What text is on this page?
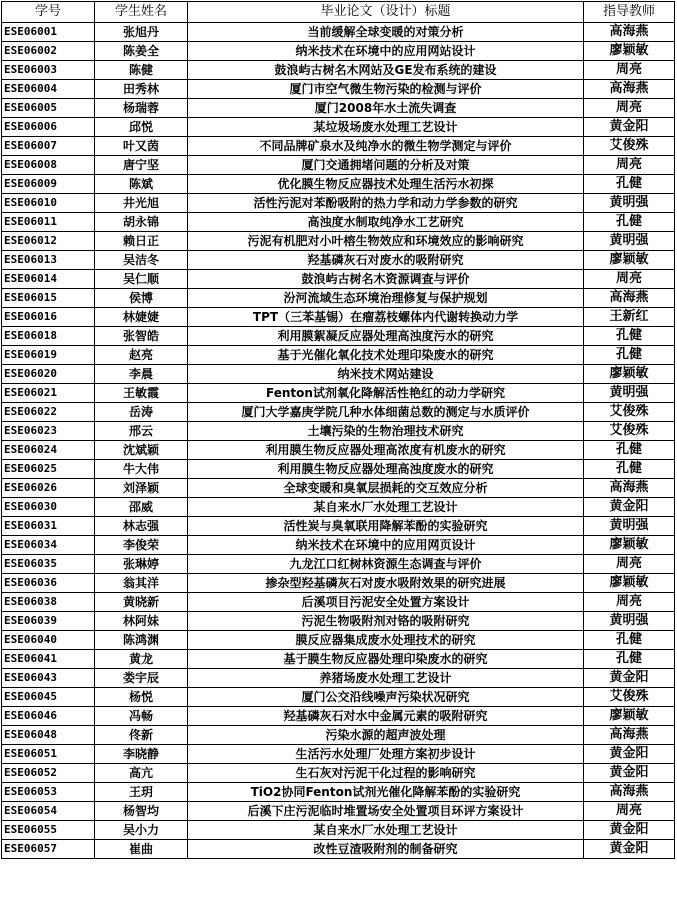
学号	学生姓名	毕业论文（设计）标题	指导教师
ESE06001	张旭丹	当前缓解全球变暖的对策分析	高海燕
ESE06002	陈姜全	纳米技术在环境中的应用网站设计	廖颖敏
ESE06003	陈健	鼓浪屿古树名木网站及GE发布系统的建设	周亮
ESE06004	田秀林	厦门市空气微生物污染的检测与评价	高海燕
ESE06005	杨瑞蓉	厦门2008年水土流失调查	周亮
ESE06006	邱悦	某垃圾场废水处理工艺设计	黄金阳
ESE06007	叶又茵	不同品牌矿泉水及纯净水的微生物学测定与评价	艾俊殊
ESE06008	唐宁坚	厦门交通拥堵问题的分析及对策	周亮
ESE06009	陈斌	优化膜生物反应器技术处理生活污水初探	孔健
ESE06010	井光旭	活性污泥对苯酚吸附的热力学和动力学参数的研究	黄明强
ESE06011	胡永锦	高浊度水制取纯净水工艺研究	孔健
ESE06012	赖日正	污泥有机肥对小叶榕生物效应和环境效应的影响研究	黄明强
ESE06013	吴洁冬	羟基磷灰石对废水的吸附研究	廖颖敏
ESE06014	吴仁顺	鼓浪屿古树名木资源调查与评价	周亮
ESE06015	侯博	汾河流域生态环境治理修复与保护规划	高海燕
ESE06016	林婕婕	TPT（三苯基锡）在瘤荔枝螺体内代谢转换动力学	王新红
ESE06018	张智皓	利用膜絮凝反应器处理高浊度污水的研究	孔健
ESE06019	赵亮	基于光催化氧化技术处理印染废水的研究	孔健
ESE06020	李晨	纳米技术网站建设	廖颖敏
ESE06021	王敏霞	Fenton试剂氧化降解活性艳红的动力学研究	黄明强
ESE06022	岳涛	厦门大学嘉庚学院几种水体细菌总数的测定与水质评价	艾俊殊
ESE06023	邢云	土壤污染的生物治理技术研究	艾俊殊
ESE06024	沈斌颖	利用膜生物反应器处理高浓度有机废水的研究	孔健
ESE06025	牛大伟	利用膜生物反应器处理高浊度废水的研究	孔健
ESE06026	刘泽颖	全球变暖和臭氧层损耗的交互效应分析	高海燕
ESE06030	邵威	某自来水厂水处理工艺设计	黄金阳
ESE06031	林志强	活性炭与臭氧联用降解苯酚的实验研究	黄明强
ESE06034	李俊荣	纳米技术在环境中的应用网页设计	廖颖敏
ESE06035	张琳婷	九龙江口红树林资源生态调查与评价	周亮
ESE06036	翁其洋	掺杂型羟基磷灰石对废水吸附效果的研究进展	廖颖敏
ESE06038	黄晓新	后溪项目污泥安全处置方案设计	周亮
ESE06039	林阿妹	污泥生物吸附剂对铬的吸附研究	黄明强
ESE06040	陈鸿渊	膜反应器集成废水处理技术的研究	孔健
ESE06041	黄龙	基于膜生物反应器处理印染废水的研究	孔健
ESE06043	娄宇辰	养猪场废水处理工艺设计	黄金阳
ESE06045	杨悦	厦门公交沿线噪声污染状况研究	艾俊殊
ESE06046	冯畅	羟基磷灰石对水中金属元素的吸附研究	廖颖敏
ESE06048	佟新	污染水源的超声波处理	高海燕
ESE06051	李晓静	生活污水处理厂处理方案初步设计	黄金阳
ESE06052	高亢	生石灰对污泥干化过程的影响研究	黄金阳
ESE06053	王玥	TiO2协同Fenton试剂光催化降解苯酚的实验研究	高海燕
ESE06054	杨智均	后溪下庄污泥临时堆置场安全处置项目环评方案设计	周亮
ESE06055	吴小力	某自来水厂水处理工艺设计	黄金阳
ESE06057	崔曲	改性豆渣吸附剂的制备研究	黄金阳
